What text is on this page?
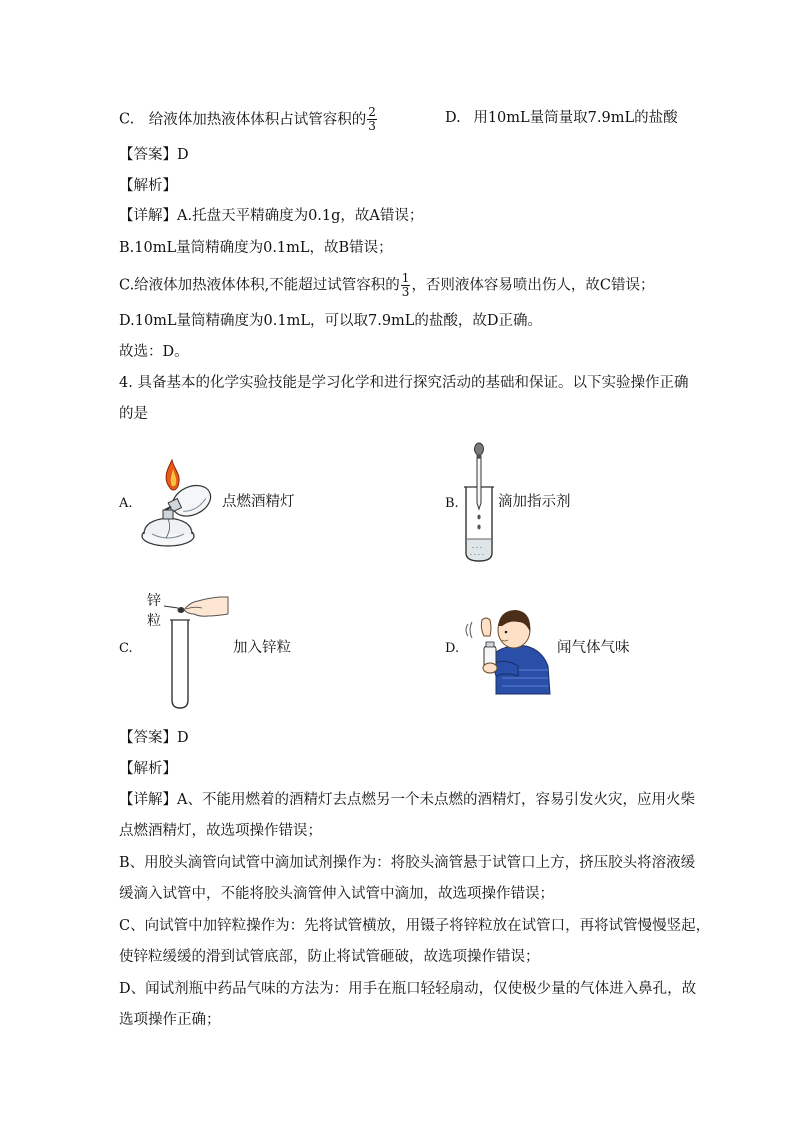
C. 给液体加热液体体积占试管容积的 $\frac{2}{3}$	D. 用10mL量筒量取7.9mL的盐酸
【答案】D
【解析】
【详解】A.托盘天平精确度为0.1g，故A错误；
B.10mL量筒精确度为0.1mL，故B错误；
C.给液体加热液体体积,不能超过试管容积的 $\frac{1}{3}$ ，否则液体容易喷出伤人，故C错误；
D.10mL量筒精确度为0.1mL，可以取7.9mL的盐酸，故D正确。
故选：D。
4. 具备基本的化学实验技能是学习化学和进行探究活动的基础和保证。以下实验操作正确
的是
A.	点燃酒精灯	B.
- - -
- - - -
滴加指示剂
C.
锌
粒
加入锌粒	D.	闻气体气味
【答案】D
【解析】
【详解】A、不能用燃着的酒精灯去点燃另一个未点燃的酒精灯，容易引发火灾，应用火柴
点燃酒精灯，故选项操作错误；
B、用胶头滴管向试管中滴加试剂操作为：将胶头滴管悬于试管口上方，挤压胶头将溶液缓
缓滴入试管中，不能将胶头滴管伸入试管中滴加，故选项操作错误；
C、向试管中加锌粒操作为：先将试管横放，用镊子将锌粒放在试管口，再将试管慢慢竖起，
使锌粒缓缓的滑到试管底部，防止将试管砸破，故选项操作错误；
D、闻试剂瓶中药品气味的方法为：用手在瓶口轻轻扇动，仅使极少量的气体进入鼻孔，故
选项操作正确；
